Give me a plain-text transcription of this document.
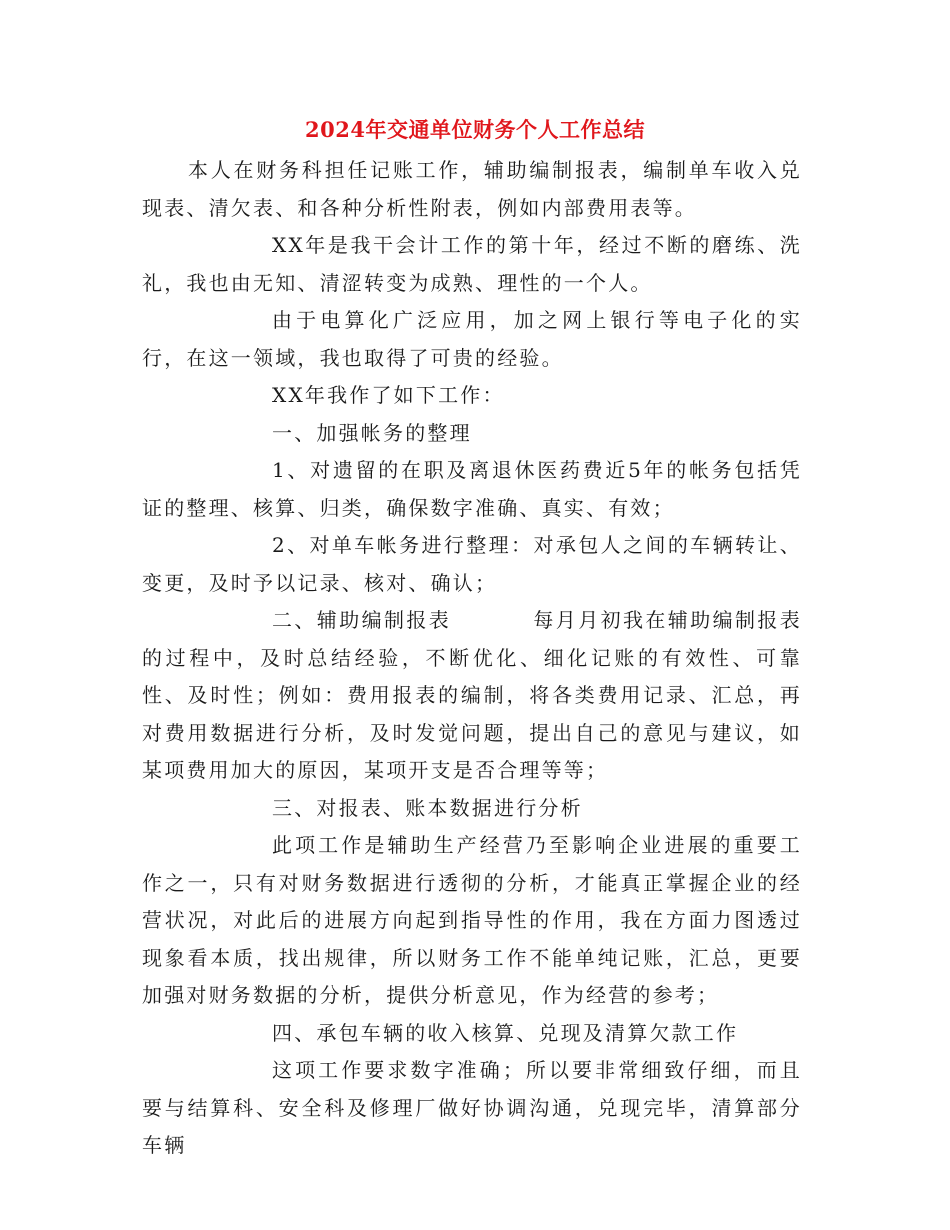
2024年交通单位财务个人工作总结

本人在财务科担任记账工作，辅助编制报表，编制单车收入兑现表、清欠表、和各种分析性附表，例如内部费用表等。

XX年是我干会计工作的第十年，经过不断的磨练、洗礼，我也由无知、清涩转变为成熟、理性的一个人。

由于电算化广泛应用，加之网上银行等电子化的实行，在这一领域，我也取得了可贵的经验。

XX年我作了如下工作：

一、加强帐务的整理

1、对遗留的在职及离退休医药费近5年的帐务包括凭证的整理、核算、归类，确保数字准确、真实、有效；

2、对单车帐务进行整理：对承包人之间的车辆转让、变更，及时予以记录、核对、确认；

二、辅助编制报表	每月月初我在辅助编制报表的过程中，及时总结经验，不断优化、细化记账的有效性、可靠性、及时性；例如：费用报表的编制，将各类费用记录、汇总，再对费用数据进行分析，及时发觉问题，提出自己的意见与建议，如某项费用加大的原因，某项开支是否合理等等；

三、对报表、账本数据进行分析

此项工作是辅助生产经营乃至影响企业进展的重要工作之一，只有对财务数据进行透彻的分析，才能真正掌握企业的经营状况，对此后的进展方向起到指导性的作用，我在方面力图透过现象看本质，找出规律，所以财务工作不能单纯记账，汇总，更要加强对财务数据的分析，提供分析意见，作为经营的参考；

四、承包车辆的收入核算、兑现及清算欠款工作

这项工作要求数字准确；所以要非常细致仔细，而且要与结算科、安全科及修理厂做好协调沟通，兑现完毕，清算部分车辆
